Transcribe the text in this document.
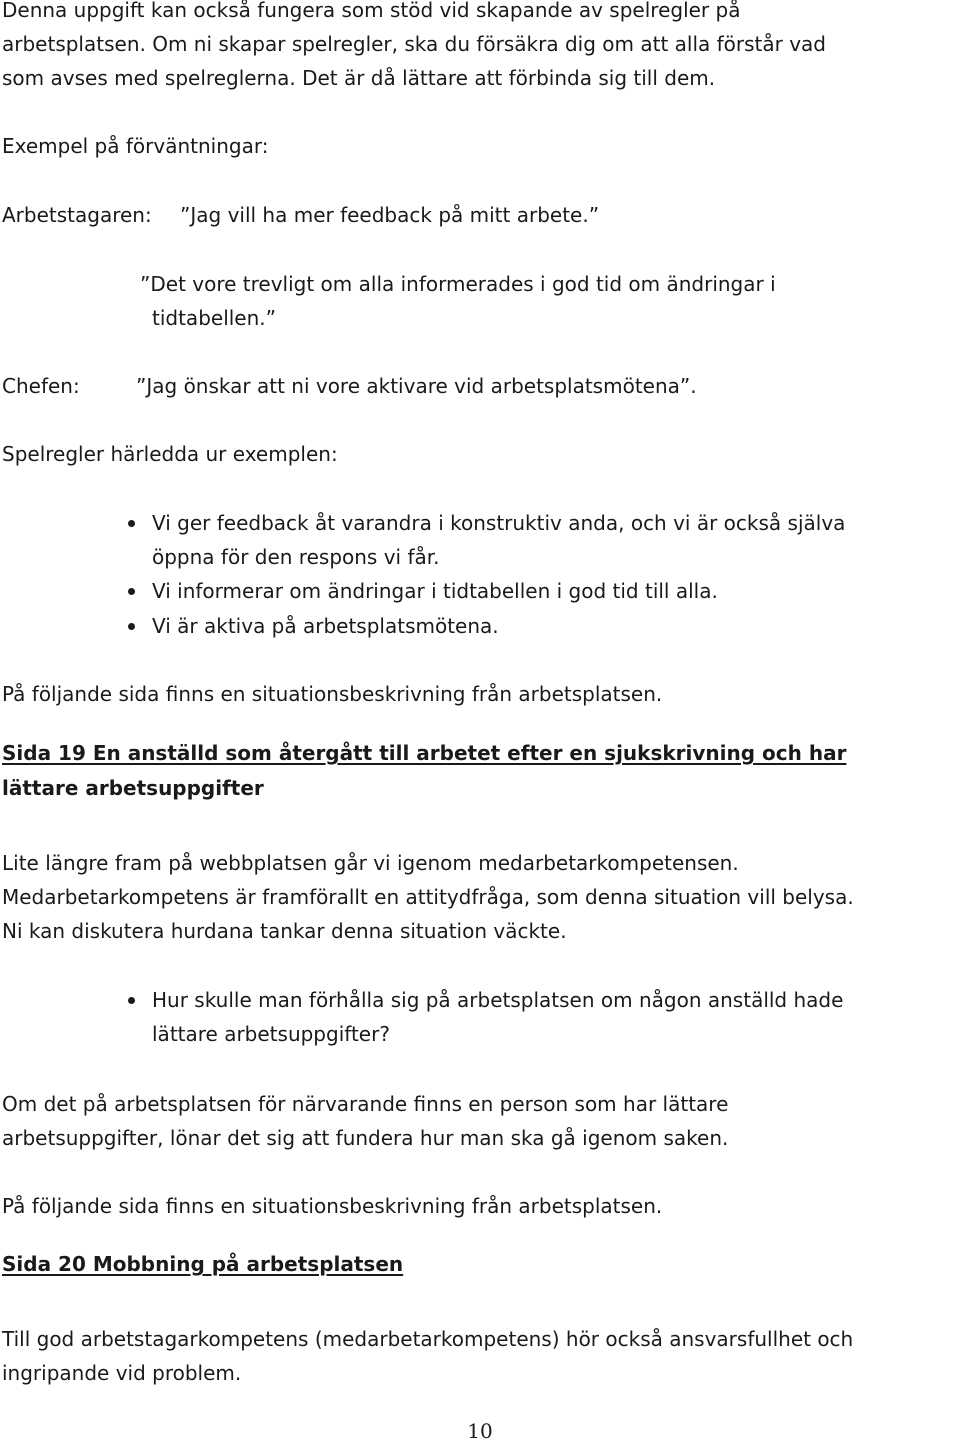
Denna uppgift kan också fungera som stöd vid skapande av spelregler på
arbetsplatsen. Om ni skapar spelregler, ska du försäkra dig om att alla förstår vad
som avses med spelreglerna. Det är då lättare att förbinda sig till dem.
Exempel på förväntningar:
Arbetstagaren: ”Jag vill ha mer feedback på mitt arbete.”
”Det vore trevligt om alla informerades i god tid om ändringar i
tidtabellen.”
Chefen:	”Jag önskar att ni vore aktivare vid arbetsplatsmötena”.
Spelregler härledda ur exemplen:
Vi ger feedback åt varandra i konstruktiv anda, och vi är också själva
öppna för den respons vi får.
Vi informerar om ändringar i tidtabellen i god tid till alla.
Vi är aktiva på arbetsplatsmötena.
På följande sida finns en situationsbeskrivning från arbetsplatsen.
Sida 19 En anställd som återgått till arbetet efter en sjukskrivning och har
lättare arbetsuppgifter
Lite längre fram på webbplatsen går vi igenom medarbetarkompetensen.
Medarbetarkompetens är framförallt en attitydfråga, som denna situation vill belysa.
Ni kan diskutera hurdana tankar denna situation väckte.
Hur skulle man förhålla sig på arbetsplatsen om någon anställd hade
lättare arbetsuppgifter?
Om det på arbetsplatsen för närvarande finns en person som har lättare
arbetsuppgifter, lönar det sig att fundera hur man ska gå igenom saken.
På följande sida finns en situationsbeskrivning från arbetsplatsen.
Sida 20 Mobbning på arbetsplatsen
Till god arbetstagarkompetens (medarbetarkompetens) hör också ansvarsfullhet och
ingripande vid problem.
10
